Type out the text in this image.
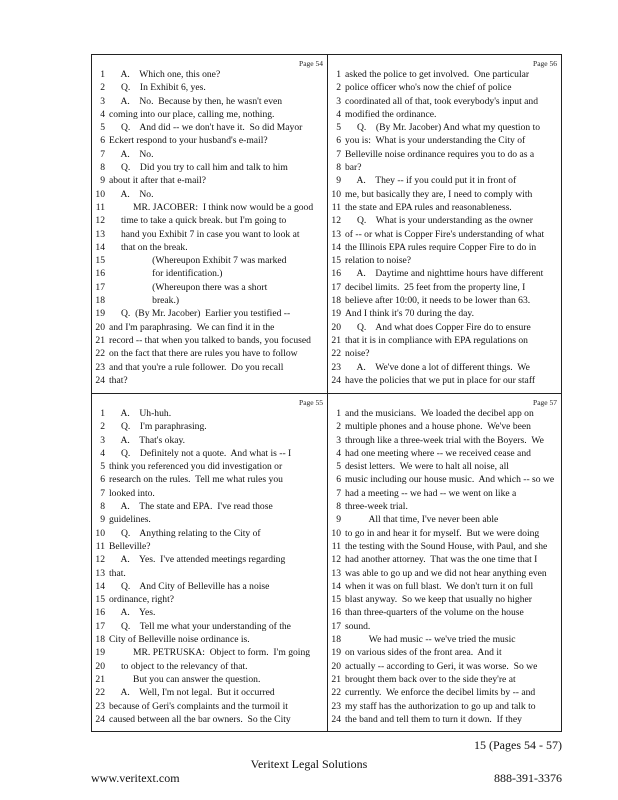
Page 54
1 A.    Which one, this one?
2 Q.    In Exhibit 6, yes.
3 A.    No.  Because by then, he wasn't even
4 coming into our place, calling me, nothing.
5 Q.    And did -- we don't have it.  So did Mayor
6 Eckert respond to your husband's e-mail?
7 A.    No.
8 Q.    Did you try to call him and talk to him
9 about it after that e-mail?
10 A.    No.
11 MR. JACOBER:  I think now would be a good
12 time to take a quick break. but I'm going to
13 hand you Exhibit 7 in case you want to look at
14 that on the break.
15 (Whereupon Exhibit 7 was marked
16 for identification.)
17 (Whereupon there was a short
18 break.)
19 Q.  (By Mr. Jacober)  Earlier you testified --
20 and I'm paraphrasing.  We can find it in the
21 record -- that when you talked to bands, you focused
22 on the fact that there are rules you have to follow
23 and that you're a rule follower.  Do you recall
24 that?
Page 56
1 asked the police to get involved.  One particular
2 police officer who's now the chief of police
3 coordinated all of that, took everybody's input and
4 modified the ordinance.
5 Q.    (By Mr. Jacober) And what my question to
6 you is:  What is your understanding the City of
7 Belleville noise ordinance requires you to do as a
8 bar?
9 A.    They -- if you could put it in front of
10 me, but basically they are, I need to comply with
11 the state and EPA rules and reasonableness.
12 Q.    What is your understanding as the owner
13 of -- or what is Copper Fire's understanding of what
14 the Illinois EPA rules require Copper Fire to do in
15 relation to noise?
16 A.    Daytime and nighttime hours have different
17 decibel limits.  25 feet from the property line, I
18 believe after 10:00, it needs to be lower than 63.
19 And I think it's 70 during the day.
20 Q.    And what does Copper Fire do to ensure
21 that it is in compliance with EPA regulations on
22 noise?
23 A.    We've done a lot of different things.  We
24 have the policies that we put in place for our staff
Page 55
1 A.    Uh-huh.
2 Q.    I'm paraphrasing.
3 A.    That's okay.
4 Q.    Definitely not a quote.  And what is -- I
5 think you referenced you did investigation or
6 research on the rules.  Tell me what rules you
7 looked into.
8 A.    The state and EPA.  I've read those
9 guidelines.
10 Q.    Anything relating to the City of
11 Belleville?
12 A.    Yes.  I've attended meetings regarding
13 that.
14 Q.    And City of Belleville has a noise
15 ordinance, right?
16 A.    Yes.
17 Q.    Tell me what your understanding of the
18 City of Belleville noise ordinance is.
19 MR. PETRUSKA:  Object to form.  I'm going
20 to object to the relevancy of that.
21 But you can answer the question.
22 A.    Well, I'm not legal.  But it occurred
23 because of Geri's complaints and the turmoil it
24 caused between all the bar owners.  So the City
Page 57
1 and the musicians.  We loaded the decibel app on
2 multiple phones and a house phone.  We've been
3 through like a three-week trial with the Boyers.  We
4 had one meeting where -- we received cease and
5 desist letters.  We were to halt all noise, all
6 music including our house music.  And which -- so we
7 had a meeting -- we had -- we went on like a
8 three-week trial.
9 All that time, I've never been able
10 to go in and hear it for myself.  But we were doing
11 the testing with the Sound House, with Paul, and she
12 had another attorney.  That was the one time that I
13 was able to go up and we did not hear anything even
14 when it was on full blast.  We don't turn it on full
15 blast anyway.  So we keep that usually no higher
16 than three-quarters of the volume on the house
17 sound.
18 We had music -- we've tried the music
19 on various sides of the front area.  And it
20 actually -- according to Geri, it was worse.  So we
21 brought them back over to the side they're at
22 currently.  We enforce the decibel limits by -- and
23 my staff has the authorization to go up and talk to
24 the band and tell them to turn it down.  If they
15 (Pages 54 - 57)
Veritext Legal Solutions
www.veritext.com	888-391-3376
